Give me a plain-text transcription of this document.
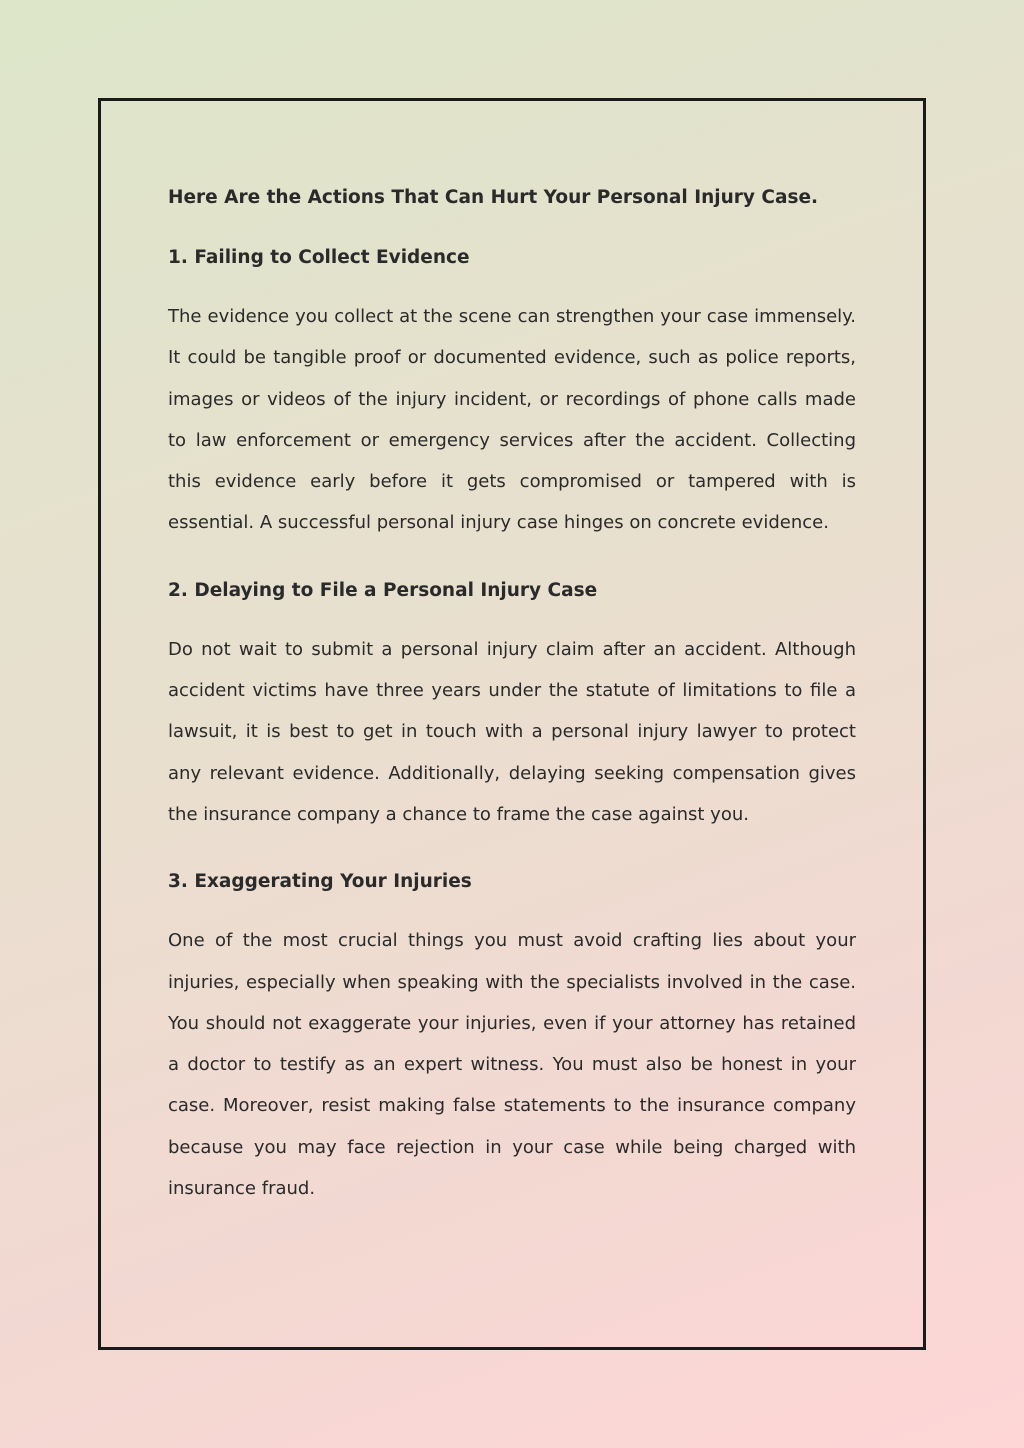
Here Are the Actions That Can Hurt Your Personal Injury Case.
1. Failing to Collect Evidence

The evidence you collect at the scene can strengthen your case immensely. It could be tangible proof or documented evidence, such as police reports, images or videos of the injury incident, or recordings of phone calls made to law enforcement or emergency services after the accident. Collecting this evidence early before it gets compromised or tampered with is essential. A successful personal injury case hinges on concrete evidence.

2. Delaying to File a Personal Injury Case

Do not wait to submit a personal injury claim after an accident. Although accident victims have three years under the statute of limitations to file a lawsuit, it is best to get in touch with a personal injury lawyer to protect any relevant evidence. Additionally, delaying seeking compensation gives the insurance company a chance to frame the case against you.

3. Exaggerating Your Injuries

One of the most crucial things you must avoid crafting lies about your injuries, especially when speaking with the specialists involved in the case. You should not exaggerate your injuries, even if your attorney has retained a doctor to testify as an expert witness. You must also be honest in your case. Moreover, resist making false statements to the insurance company because you may face rejection in your case while being charged with insurance fraud.
